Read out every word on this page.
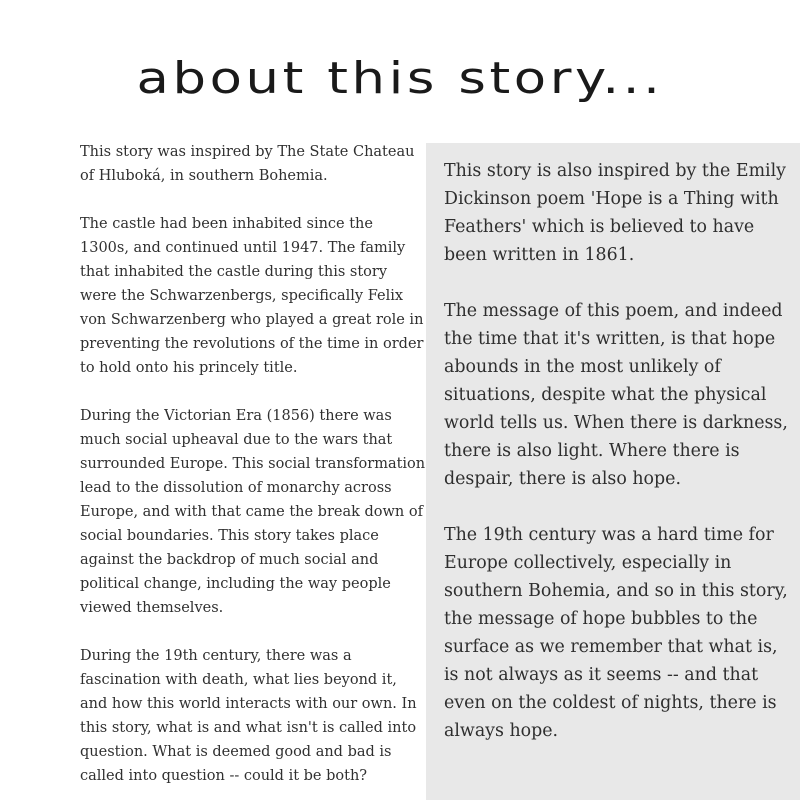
about this story...

This story was inspired by The State Chateau of Hluboká, in southern Bohemia.

The castle had been inhabited since the 1300s, and continued until 1947. The family that inhabited the castle during this story were the Schwarzenbergs, specifically Felix von Schwarzenberg who played a great role in preventing the revolutions of the time in order to hold onto his princely title.

During the Victorian Era (1856) there was much social upheaval due to the wars that surrounded Europe. This social transformation lead to the dissolution of monarchy across Europe, and with that came the break down of social boundaries. This story takes place against the backdrop of much social and political change, including the way people viewed themselves.

During the 19th century, there was a fascination with death, what lies beyond it, and how this world interacts with our own. In this story, what is and what isn't is called into question. What is deemed good and bad is called into question -- could it be both?

This story is also inspired by the Emily Dickinson poem 'Hope is a Thing with Feathers' which is believed to have been written in 1861.

The message of this poem, and indeed the time that it's written, is that hope abounds in the most unlikely of situations, despite what the physical world tells us. When there is darkness, there is also light. Where there is despair, there is also hope.

The 19th century was a hard time for Europe collectively, especially in southern Bohemia, and so in this story, the message of hope bubbles to the surface as we remember that what is, is not always as it seems -- and that even on the coldest of nights, there is always hope.
